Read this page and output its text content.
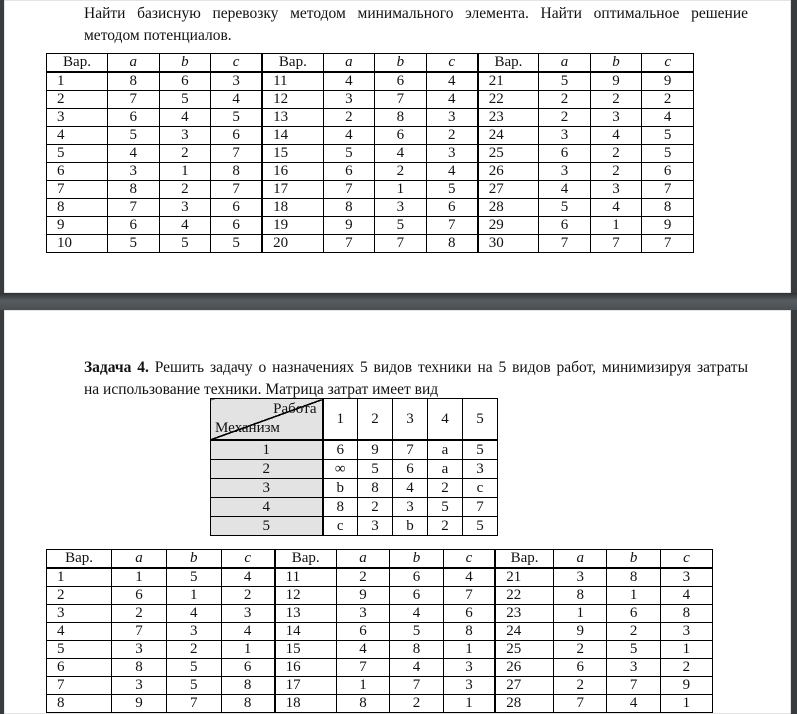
Найти базисную перевозку методом минимального элемента. Найти оптимальное решение
методом потенциалов.
Вар.	a	b	c	Вар.	a	b	c	Вар.	a	b	c
1	8	6	3	11	4	6	4	21	5	9	9
2	7	5	4	12	3	7	4	22	2	2	2
3	6	4	5	13	2	8	3	23	2	3	4
4	5	3	6	14	4	6	2	24	3	4	5
5	4	2	7	15	5	4	3	25	6	2	5
6	3	1	8	16	6	2	4	26	3	2	6
7	8	2	7	17	7	1	5	27	4	3	7
8	7	3	6	18	8	3	6	28	5	4	8
9	6	4	6	19	9	5	7	29	6	1	9
10	5	5	5	20	7	7	8	30	7	7	7
Задача 4. Решить задачу о назначениях 5 видов техники на 5 видов работ, минимизируя затраты
на использование техники. Матрица затрат имеет вид
Работа
Механизм	1	2	3	4	5
1	6	9	7	a	5
2	∞	5	6	a	3
3	b	8	4	2	c
4	8	2	3	5	7
5	c	3	b	2	5
Вар.	a	b	c	Вар.	a	b	c	Вар.	a	b	c
1	1	5	4	11	2	6	4	21	3	8	3
2	6	1	2	12	9	6	7	22	8	1	4
3	2	4	3	13	3	4	6	23	1	6	8
4	7	3	4	14	6	5	8	24	9	2	3
5	3	2	1	15	4	8	1	25	2	5	1
6	8	5	6	16	7	4	3	26	6	3	2
7	3	5	8	17	1	7	3	27	2	7	9
8	9	7	8	18	8	2	1	28	7	4	1
